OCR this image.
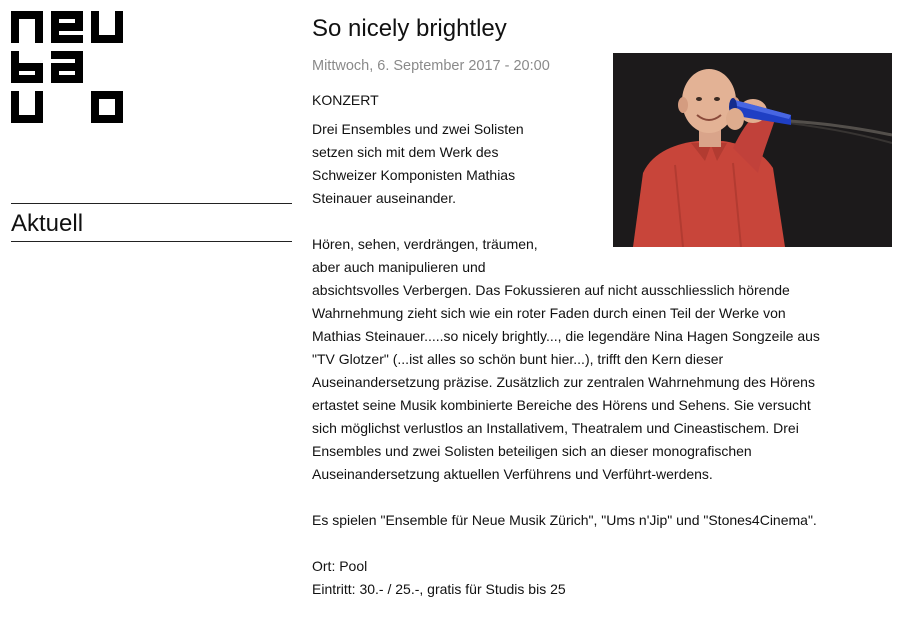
Aktuell
So nicely brightley
Mittwoch, 6. September 2017 - 20:00
KONZERT

Drei Ensembles und zwei Solisten

setzen sich mit dem Werk des

Schweizer Komponisten Mathias

Steinauer auseinander.

Hören, sehen, verdrängen, träumen,

aber auch manipulieren und

absichtsvolles Verbergen. Das Fokussieren auf nicht ausschliesslich hörende

Wahrnehmung zieht sich wie ein roter Faden durch einen Teil der Werke von

Mathias Steinauer.....so nicely brightly..., die legendäre Nina Hagen Songzeile aus

"TV Glotzer" (...ist alles so schön bunt hier...), trifft den Kern dieser

Auseinandersetzung präzise. Zusätzlich zur zentralen Wahrnehmung des Hörens

ertastet seine Musik kombinierte Bereiche des Hörens und Sehens. Sie versucht

sich möglichst verlustlos an Installativem, Theatralem und Cineastischem. Drei

Ensembles und zwei Solisten beteiligen sich an dieser monografischen

Auseinandersetzung aktuellen Verführens und Verführt-werdens.

Es spielen "Ensemble für Neue Musik Zürich", "Ums n'Jip" und "Stones4Cinema".

Ort: Pool

Eintritt: 30.- / 25.-, gratis für Studis bis 25
